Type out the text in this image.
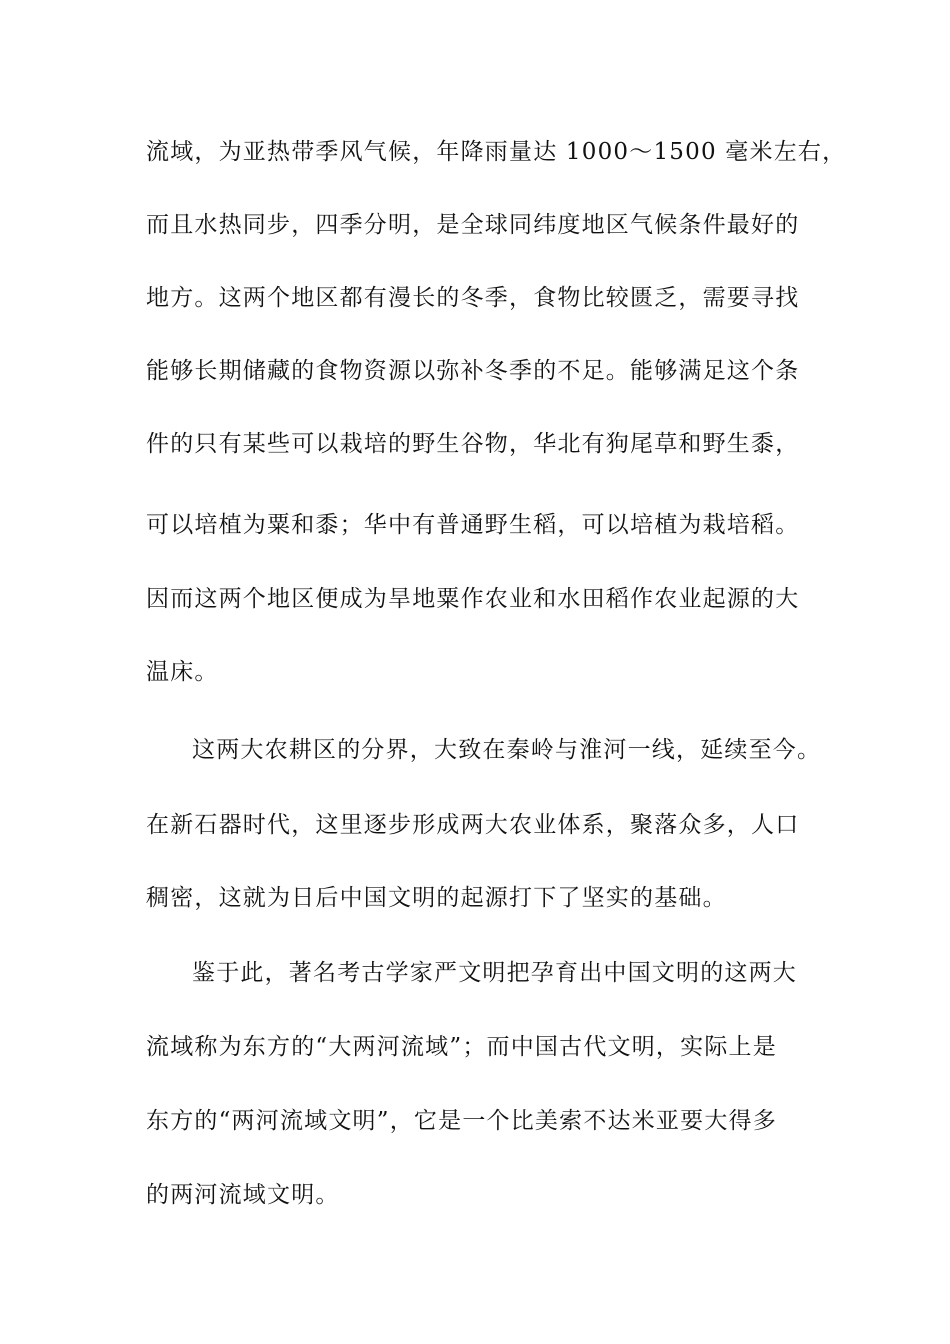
流域，为亚热带季风气候，年降雨量达 1000～1500 毫米左右，
而且水热同步，四季分明，是全球同纬度地区气候条件最好的
地方。这两个地区都有漫长的冬季，食物比较匮乏，需要寻找
能够长期储藏的食物资源以弥补冬季的不足。能够满足这个条
件的只有某些可以栽培的野生谷物，华北有狗尾草和野生黍，
可以培植为粟和黍；华中有普通野生稻，可以培植为栽培稻。
因而这两个地区便成为旱地粟作农业和水田稻作农业起源的大
温床。
这两大农耕区的分界，大致在秦岭与淮河一线，延续至今。
在新石器时代，这里逐步形成两大农业体系，聚落众多，人口
稠密，这就为日后中国文明的起源打下了坚实的基础。
鉴于此，著名考古学家严文明把孕育出中国文明的这两大
流域称为东方的“大两河流域”；而中国古代文明，实际上是
东方的“两河流域文明”，它是一个比美索不达米亚要大得多
的两河流域文明。
